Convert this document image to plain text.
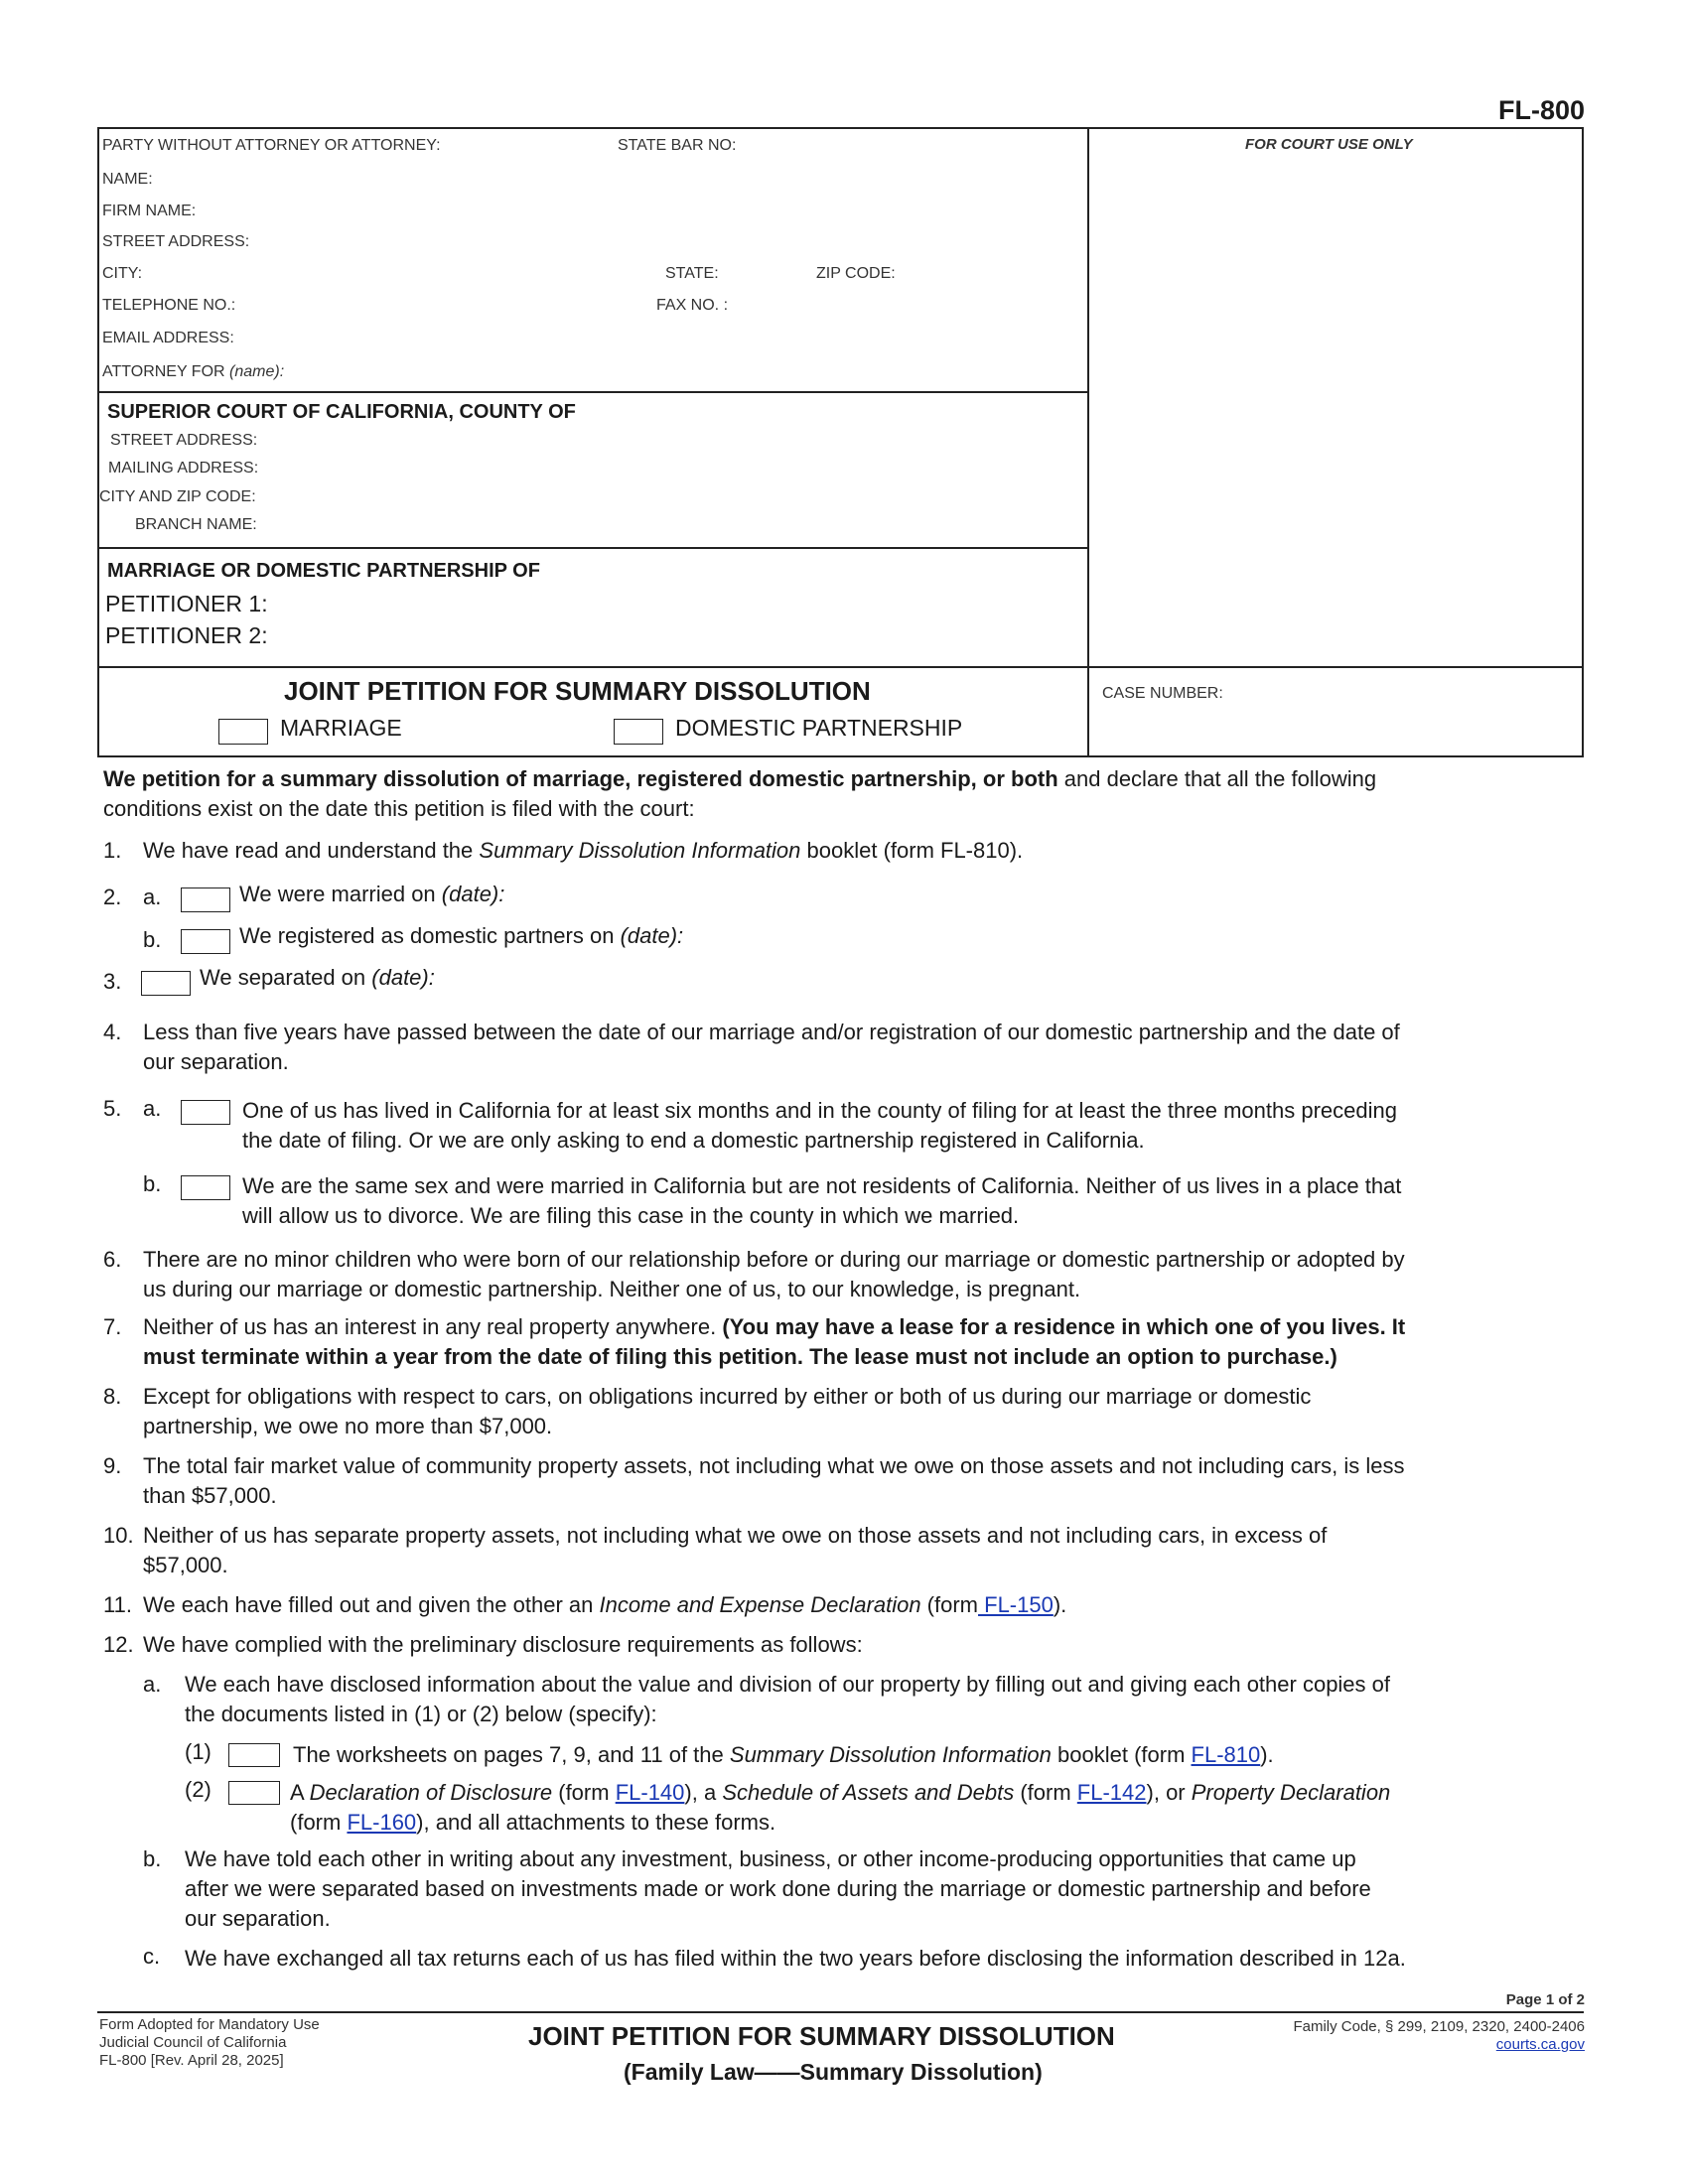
FL-800
PARTY WITHOUT ATTORNEY OR ATTORNEY:	STATE BAR NO:
NAME:
FIRM NAME:
STREET ADDRESS:
CITY:	STATE:	ZIP CODE:
TELEPHONE NO.:	FAX NO. :
EMAIL ADDRESS:
ATTORNEY FOR (name):
FOR COURT USE ONLY
SUPERIOR COURT OF CALIFORNIA, COUNTY OF
STREET ADDRESS:
MAILING ADDRESS:
CITY AND ZIP CODE:
BRANCH NAME:
MARRIAGE OR DOMESTIC PARTNERSHIP OF
PETITIONER 1:
PETITIONER 2:
JOINT PETITION FOR SUMMARY DISSOLUTION
MARRIAGE	DOMESTIC PARTNERSHIP
CASE NUMBER:
We petition for a summary dissolution of marriage, registered domestic partnership, or both and declare that all the following
conditions exist on the date this petition is filed with the court:
1. We have read and understand the Summary Dissolution Information booklet (form FL-810).
2. a.	We were married on (date):
b.	We registered as domestic partners on (date):
3.	We separated on (date):
4. Less than five years have passed between the date of our marriage and/or registration of our domestic partnership and the date of
our separation.
5. a.	One of us has lived in California for at least six months and in the county of filing for at least the three months preceding
the date of filing. Or we are only asking to end a domestic partnership registered in California.
b.	We are the same sex and were married in California but are not residents of California. Neither of us lives in a place that
will allow us to divorce. We are filing this case in the county in which we married.
6. There are no minor children who were born of our relationship before or during our marriage or domestic partnership or adopted by
us during our marriage or domestic partnership. Neither one of us, to our knowledge, is pregnant.
7. Neither of us has an interest in any real property anywhere. (You may have a lease for a residence in which one of you lives. It
must terminate within a year from the date of filing this petition. The lease must not include an option to purchase.)
8. Except for obligations with respect to cars, on obligations incurred by either or both of us during our marriage or domestic
partnership, we owe no more than $7,000.
9. The total fair market value of community property assets, not including what we owe on those assets and not including cars, is less
than $57,000.
10. Neither of us has separate property assets, not including what we owe on those assets and not including cars, in excess of
$57,000.
11. We each have filled out and given the other an Income and Expense Declaration (form FL-150).
12. We have complied with the preliminary disclosure requirements as follows:
a. We each have disclosed information about the value and division of our property by filling out and giving each other copies of
the documents listed in (1) or (2) below (specify):
(1)	The worksheets on pages 7, 9, and 11 of the Summary Dissolution Information booklet (form FL-810).
(2)	A Declaration of Disclosure (form FL-140), a Schedule of Assets and Debts (form FL-142), or Property Declaration
(form FL-160), and all attachments to these forms.
b. We have told each other in writing about any investment, business, or other income-producing opportunities that came up
after we were separated based on investments made or work done during the marriage or domestic partnership and before
our separation.
c. We have exchanged all tax returns each of us has filed within the two years before disclosing the information described in 12a.
Page 1 of 2
Form Adopted for Mandatory Use
Judicial Council of California
FL-800 [Rev. April 28, 2025]
JOINT PETITION FOR SUMMARY DISSOLUTION
(Family Law——Summary Dissolution)
Family Code, § 299, 2109, 2320, 2400-2406
courts.ca.gov
